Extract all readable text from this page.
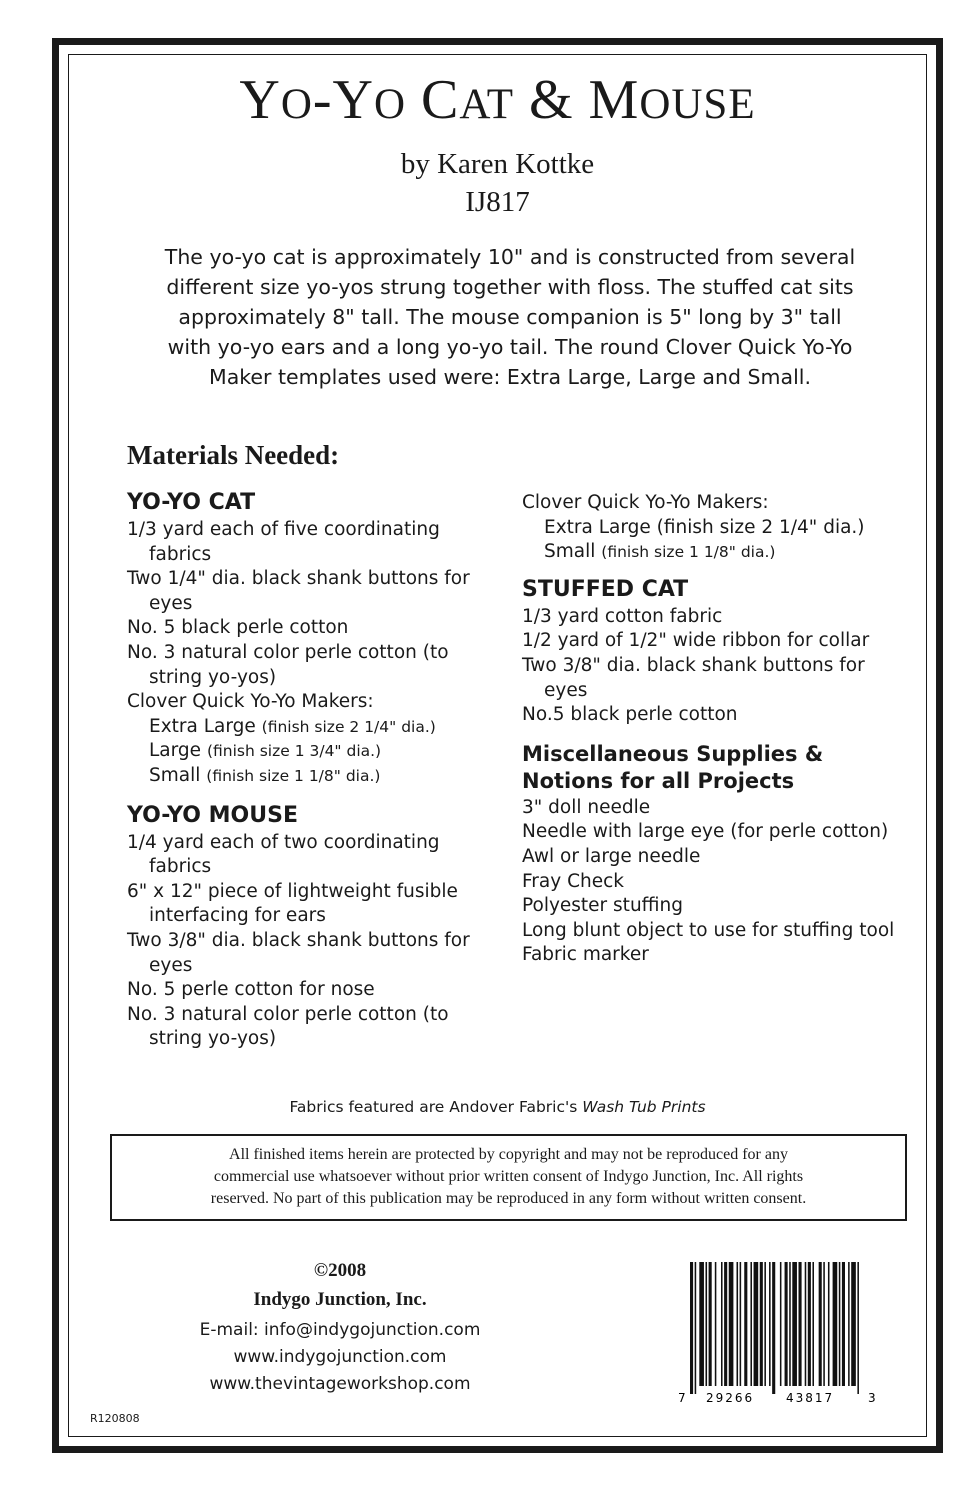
YO-YO CAT & MOUSE
by Karen Kottke
IJ817
The yo-yo cat is approximately 10" and is constructed from several
different size yo-yos strung together with floss. The stuffed cat sits
approximately 8" tall. The mouse companion is 5" long by 3" tall
with yo-yo ears and a long yo-yo tail. The round Clover Quick Yo-Yo
Maker templates used were: Extra Large, Large and Small.
Materials Needed:
YO-YO CAT
1/3 yard each of five coordinating fabrics
Two 1/4" dia. black shank buttons for eyes
No. 5 black perle cotton
No. 3 natural color perle cotton (to string yo-yos)
Clover Quick Yo-Yo Makers:
Extra Large (finish size 2 1/4" dia.)
Large (finish size 1 3/4" dia.)
Small (finish size 1 1/8" dia.)
YO-YO MOUSE
1/4 yard each of two coordinating fabrics
6" x 12" piece of lightweight fusible interfacing for ears
Two 3/8" dia. black shank buttons for eyes
No. 5 perle cotton for nose
No. 3 natural color perle cotton (to string yo-yos)
Clover Quick Yo-Yo Makers:
Extra Large (finish size 2 1/4" dia.)
Small (finish size 1 1/8" dia.)
STUFFED CAT
1/3 yard cotton fabric
1/2 yard of 1/2" wide ribbon for collar
Two 3/8" dia. black shank buttons for eyes
No.5 black perle cotton
Miscellaneous Supplies &
Notions for all Projects
3" doll needle
Needle with large eye (for perle cotton)
Awl or large needle
Fray Check
Polyester stuffing
Long blunt object to use for stuffing tool
Fabric marker
Fabrics featured are Andover Fabric's Wash Tub Prints
All finished items herein are protected by copyright and may not be reproduced for any
commercial use whatsoever without prior written consent of Indygo Junction, Inc. All rights
reserved. No part of this publication may be reproduced in any form without written consent.
©2008
Indygo Junction, Inc.
E-mail: info@indygojunction.com
www.indygojunction.com
www.thevintageworkshop.com
R120808
7 29266	43817	3
